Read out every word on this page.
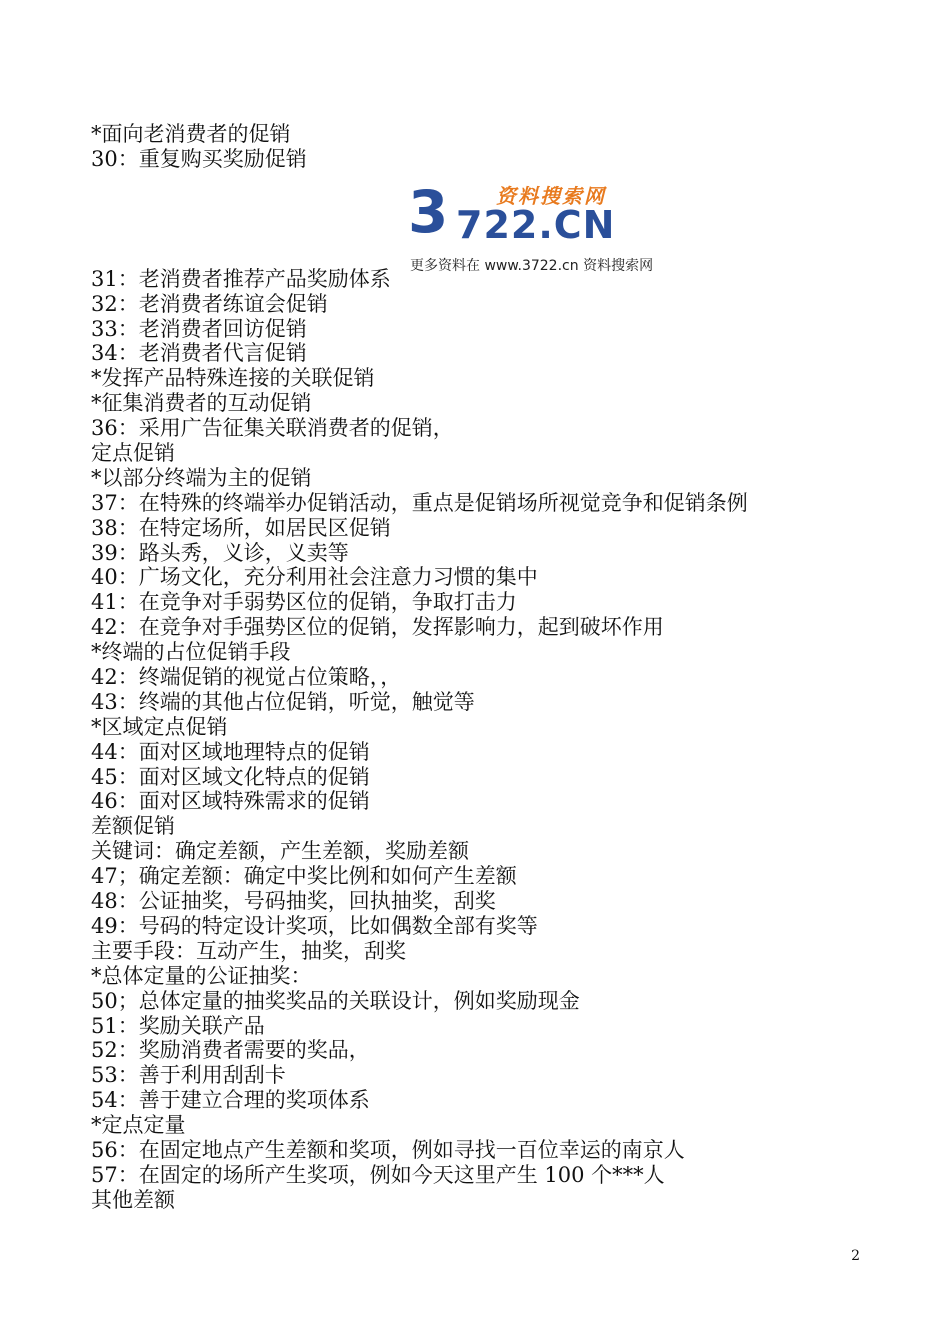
*面向老消费者的促销
30：重复购买奖励促销
31：老消费者推荐产品奖励体系
32：老消费者练谊会促销
33：老消费者回访促销
34：老消费者代言促销
*发挥产品特殊连接的关联促销
*征集消费者的互动促销
36：采用广告征集关联消费者的促销，
定点促销
*以部分终端为主的促销
37：在特殊的终端举办促销活动，重点是促销场所视觉竞争和促销条例
38：在特定场所，如居民区促销
39：路头秀，义诊，义卖等
40：广场文化，充分利用社会注意力习惯的集中
41：在竞争对手弱势区位的促销，争取打击力
42：在竞争对手强势区位的促销，发挥影响力，起到破坏作用
*终端的占位促销手段
42：终端促销的视觉占位策略，，
43：终端的其他占位促销，听觉，触觉等
*区域定点促销
44：面对区域地理特点的促销
45：面对区域文化特点的促销
46：面对区域特殊需求的促销
差额促销
关键词：确定差额，产生差额，奖励差额
47；确定差额：确定中奖比例和如何产生差额
48：公证抽奖，号码抽奖，回执抽奖，刮奖
49：号码的特定设计奖项，比如偶数全部有奖等
主要手段：互动产生，抽奖，刮奖
*总体定量的公证抽奖：
50；总体定量的抽奖奖品的关联设计，例如奖励现金
51：奖励关联产品
52：奖励消费者需要的奖品，
53：善于利用刮刮卡
54：善于建立合理的奖项体系
*定点定量
56：在固定地点产生差额和奖项，例如寻找一百位幸运的南京人
57：在固定的场所产生奖项，例如今天这里产生 100 个***人
其他差额
3 资料搜索网
722.CN
更多资料在 www.3722.cn 资料搜索网
2
